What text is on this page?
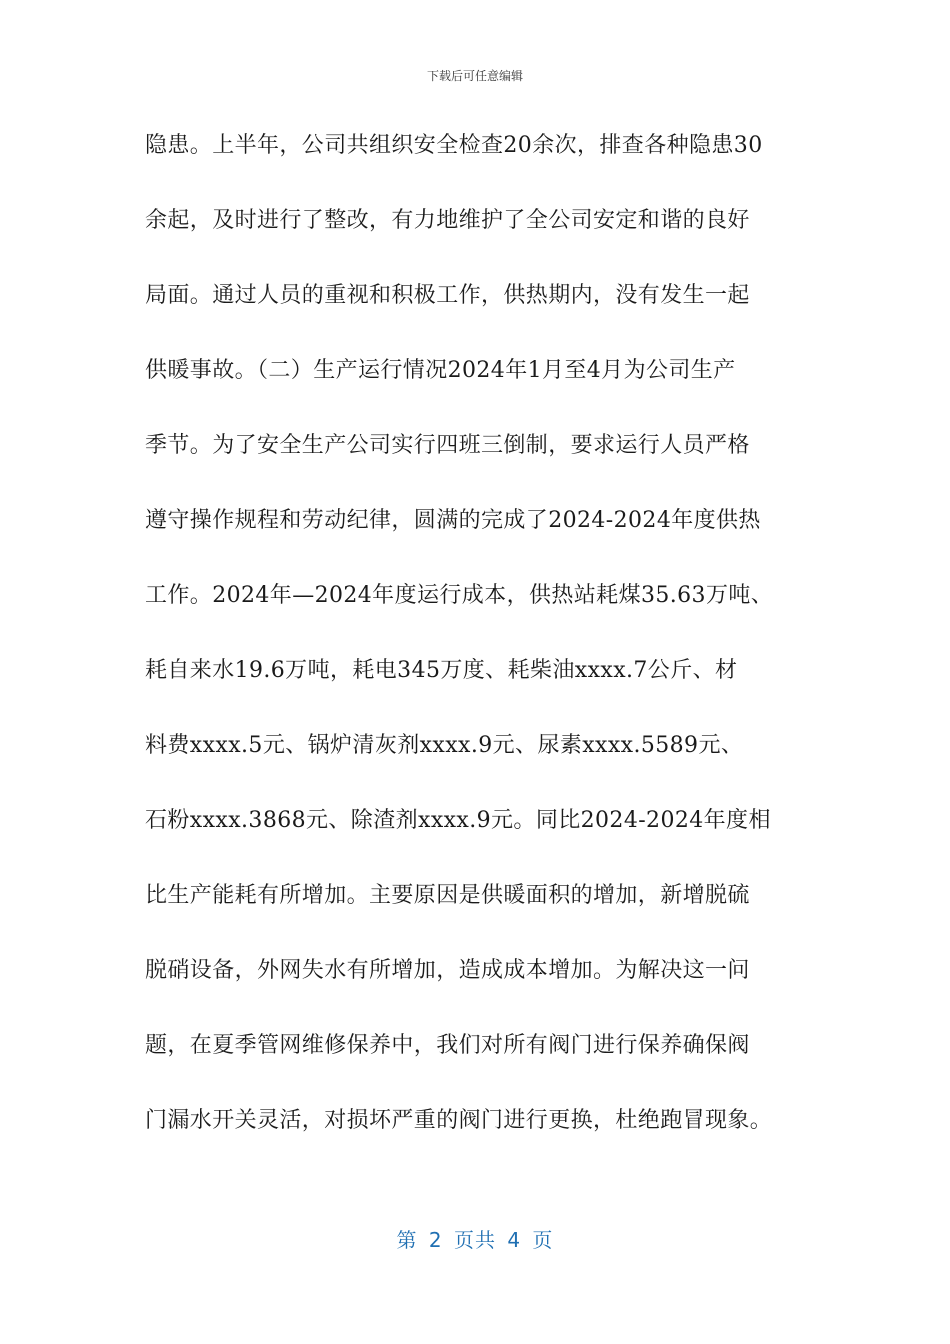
下载后可任意编辑
隐患。上半年，公司共组织安全检查20余次，排查各种隐患30
余起，及时进行了整改，有力地维护了全公司安定和谐的良好
局面。通过人员的重视和积极工作，供热期内，没有发生一起
供暖事故。（二）生产运行情况2024年1月至4月为公司生产
季节。为了安全生产公司实行四班三倒制，要求运行人员严格
遵守操作规程和劳动纪律，圆满的完成了2024-2024年度供热
工作。2024年—2024年度运行成本，供热站耗煤35.63万吨、
耗自来水19.6万吨，耗电345万度、耗柴油xxxx.7公斤、材
料费xxxx.5元、锅炉清灰剂xxxx.9元、尿素xxxx.5589元、
石粉xxxx.3868元、除渣剂xxxx.9元。同比2024-2024年度相
比生产能耗有所增加。主要原因是供暖面积的增加，新增脱硫
脱硝设备，外网失水有所增加，造成成本增加。为解决这一问
题，在夏季管网维修保养中，我们对所有阀门进行保养确保阀
门漏水开关灵活，对损坏严重的阀门进行更换，杜绝跑冒现象。
第 2 页共 4 页
